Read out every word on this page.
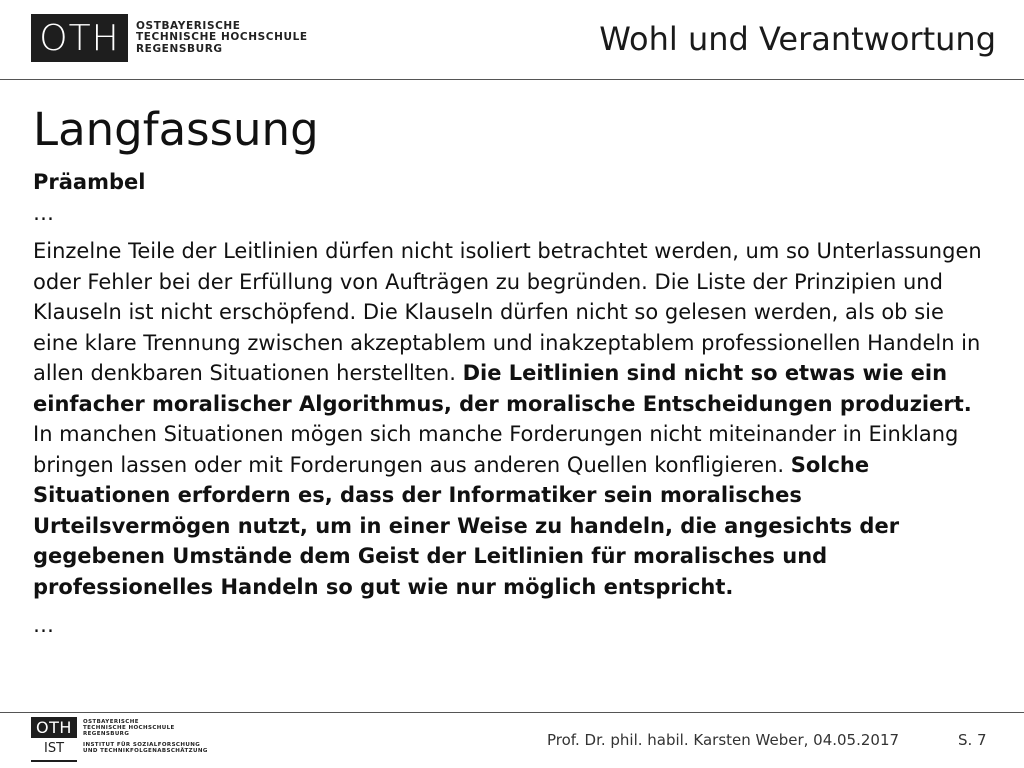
OTH	OSTBAYERISCHE
TECHNISCHE HOCHSCHULE
REGENSBURG	Wohl und Verantwortung
Langfassung

Präambel

…

Einzelne Teile der Leitlinien dürfen nicht isoliert betrachtet werden, um so Unterlassungen oder Fehler bei der Erfüllung von Aufträgen zu begründen. Die Liste der Prinzipien und Klauseln ist nicht erschöpfend. Die Klauseln dürfen nicht so gelesen werden, als ob sie eine klare Trennung zwischen akzeptablem und inakzeptablem professionellen Handeln in allen denkbaren Situationen herstellten. Die Leitlinien sind nicht so etwas wie ein einfacher moralischer Algorithmus, der moralische Entscheidungen produziert. In manchen Situationen mögen sich manche Forderungen nicht miteinander in Einklang bringen lassen oder mit Forderungen aus anderen Quellen konfligieren. Solche Situationen erfordern es, dass der Informatiker sein moralisches Urteilsvermögen nutzt, um in einer Weise zu handeln, die angesichts der gegebenen Umstände dem Geist der Leitlinien für moralisches und professionelles Handeln so gut wie nur möglich entspricht.

…

OTH	OSTBAYERISCHE
TECHNISCHE HOCHSCHULE
REGENSBURG
IST	INSTITUT FÜR SOZIALFORSCHUNG
UND TECHNIKFOLGENABSCHÄTZUNG
Prof. Dr. phil. habil. Karsten Weber, 04.05.2017	S. 7
